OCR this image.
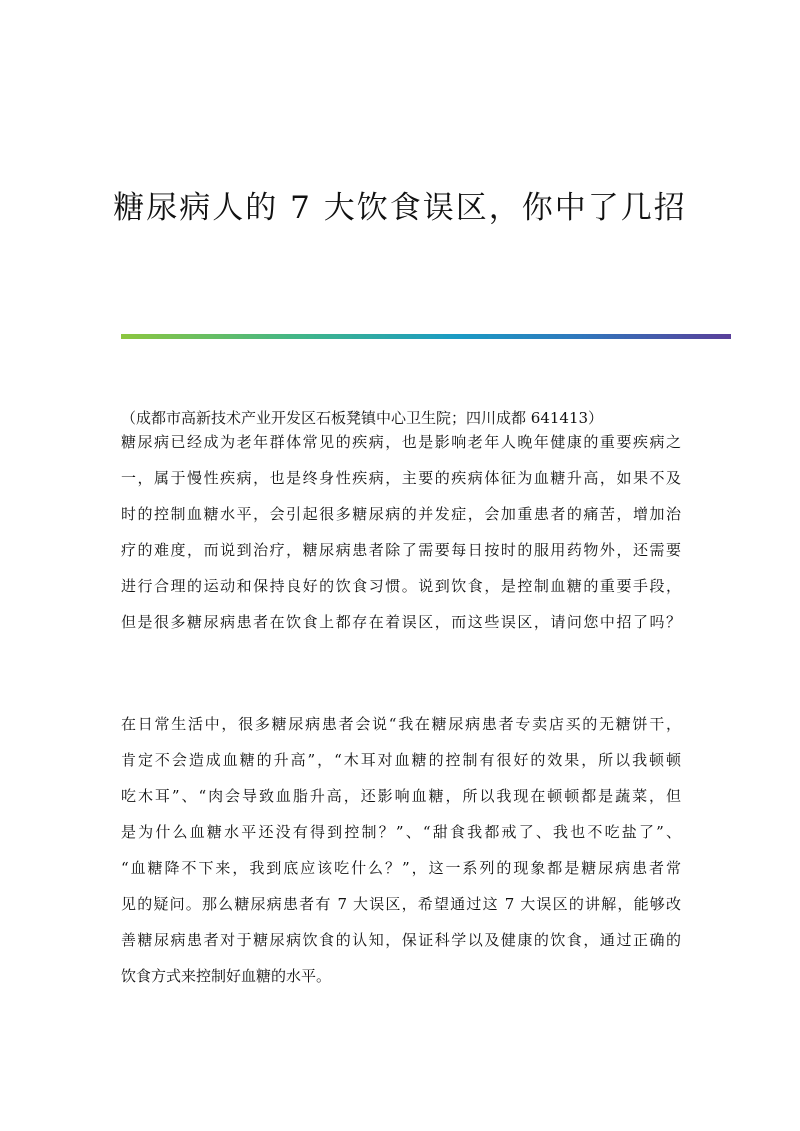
糖尿病人的 7 大饮食误区，你中了几招

（成都市高新技术产业开发区石板凳镇中心卫生院；四川成都 641413）

糖尿病已经成为老年群体常见的疾病，也是影响老年人晚年健康的重要疾病之
一，属于慢性疾病，也是终身性疾病，主要的疾病体征为血糖升高，如果不及
时的控制血糖水平，会引起很多糖尿病的并发症，会加重患者的痛苦，增加治
疗的难度，而说到治疗，糖尿病患者除了需要每日按时的服用药物外，还需要
进行合理的运动和保持良好的饮食习惯。说到饮食，是控制血糖的重要手段，
但是很多糖尿病患者在饮食上都存在着误区，而这些误区，请问您中招了吗？
在日常生活中，很多糖尿病患者会说“我在糖尿病患者专卖店买的无糖饼干，
肯定不会造成血糖的升高”，“木耳对血糖的控制有很好的效果，所以我顿顿
吃木耳”、“肉会导致血脂升高，还影响血糖，所以我现在顿顿都是蔬菜，但
是为什么血糖水平还没有得到控制？”、“甜食我都戒了、我也不吃盐了”、
“血糖降不下来，我到底应该吃什么？”，这一系列的现象都是糖尿病患者常
见的疑问。那么糖尿病患者有 7 大误区，希望通过这 7 大误区的讲解，能够改
善糖尿病患者对于糖尿病饮食的认知，保证科学以及健康的饮食，通过正确的
饮食方式来控制好血糖的水平。
